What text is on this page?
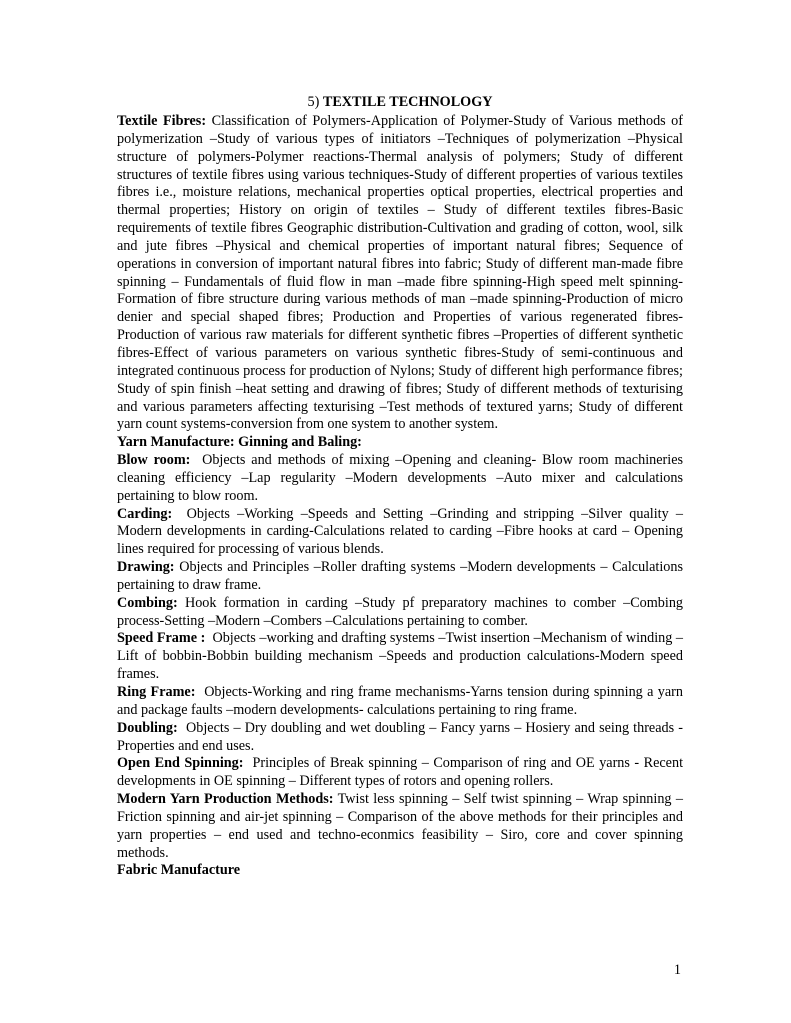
5) TEXTILE TECHNOLOGY

Textile Fibres: Classification of Polymers-Application of Polymer-Study of Various methods of polymerization –Study of various types of initiators –Techniques of polymerization –Physical structure of polymers-Polymer reactions-Thermal analysis of polymers; Study of different structures of textile fibres using various techniques-Study of different properties of various textiles fibres i.e., moisture relations, mechanical properties optical properties, electrical properties and thermal properties; History on origin of textiles – Study of different textiles fibres-Basic requirements of textile fibres Geographic distribution-Cultivation and grading of cotton, wool, silk and jute fibres –Physical and chemical properties of important natural fibres; Sequence of operations in conversion of important natural fibres into fabric; Study of different man-made fibre spinning – Fundamentals of fluid flow in man –made fibre spinning-High speed melt spinning-Formation of fibre structure during various methods of man –made spinning-Production of micro denier and special shaped fibres; Production and Properties of various regenerated fibres-Production of various raw materials for different synthetic fibres –Properties of different synthetic fibres-Effect of various parameters on various synthetic fibres-Study of semi-continuous and integrated continuous process for production of Nylons; Study of different high performance fibres; Study of spin finish –heat setting and drawing of fibres; Study of different methods of texturising and various parameters affecting texturising –Test methods of textured yarns; Study of different yarn count systems-conversion from one system to another system.

Yarn Manufacture: Ginning and Baling:

Blow room: Objects and methods of mixing –Opening and cleaning- Blow room machineries cleaning efficiency –Lap regularity –Modern developments –Auto mixer and calculations pertaining to blow room.

Carding: Objects –Working –Speeds and Setting –Grinding and stripping –Silver quality – Modern developments in carding-Calculations related to carding –Fibre hooks at card – Opening lines required for processing of various blends.

Drawing: Objects and Principles –Roller drafting systems –Modern developments – Calculations pertaining to draw frame.

Combing: Hook formation in carding –Study pf preparatory machines to comber –Combing process-Setting –Modern –Combers –Calculations pertaining to comber.

Speed Frame : Objects –working and drafting systems –Twist insertion –Mechanism of winding –Lift of bobbin-Bobbin building mechanism –Speeds and production calculations-Modern speed frames.

Ring Frame: Objects-Working and ring frame mechanisms-Yarns tension during spinning a yarn and package faults –modern developments- calculations pertaining to ring frame.

Doubling: Objects – Dry doubling and wet doubling – Fancy yarns – Hosiery and seing threads - Properties and end uses.

Open End Spinning: Principles of Break spinning – Comparison of ring and OE yarns - Recent developments in OE spinning – Different types of rotors and opening rollers.

Modern Yarn Production Methods: Twist less spinning – Self twist spinning – Wrap spinning – Friction spinning and air-jet spinning – Comparison of the above methods for their principles and yarn properties – end used and techno-econmics feasibility – Siro, core and cover spinning methods.

Fabric Manufacture

1
